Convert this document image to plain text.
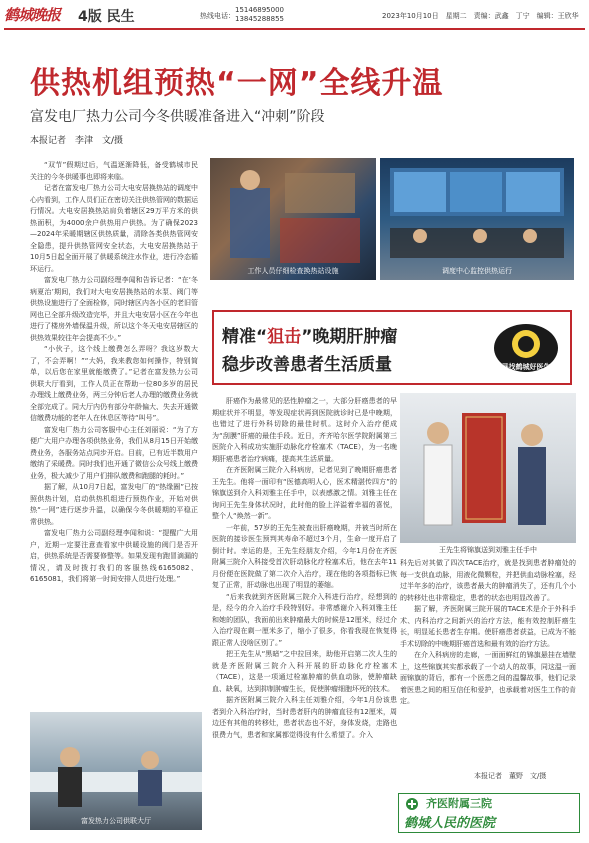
鹤城晚报	4版 民生	热线电话：
15146895000
13845288855	2023年10月10日　星期二　责编：武鑫　丁宁　编辑：王欣华
供热机组预热“一网”全线升温
富发电厂热力公司今冬供暖准备进入“冲刺”阶段
本报记者　李津　文/摄

“双节”假期过后，气温逐渐降低，备受鹤城市民关注的今冬供暖事也即将来临。

记者在富发电厂热力公司大电安居换热站的调度中心内看到，工作人员们正在密切关注供热管网的数据运行情况。大电安居换热站肩负着辖区29万平方米的供热面积，为4000余户供热用户供热。为了确保2023—2024年采暖期辖区供热质量，清除各类供热管网安全隐患，提升供热管网安全状态，大电安居换热站于10月5日起全面开展了供暖系统注水作业，进行冷态循环运行。

富发电厂热力公司副经理李闻和告诉记者：“在‘冬病夏治’期间，我们对大电安居换热站的水泵、阀门等供热设施进行了全面检修，同时辖区内各小区的老旧管网也已全部升级改造完毕，并且大电安居小区在今年也进行了楼房外墙保温升级，所以这个冬天电安居辖区的供热效果较往年会提高不少。”

“小伙子，这个线上缴费怎么弄呀？我这岁数大了，不会弄啊！”“大妈，我来教您如何操作，特别简单，以后您在家里就能缴费了。”记者在富发热力公司供联大厅看到，工作人员正在帮助一位80多岁的居民办理线上缴费业务，两三分钟后老人办理的缴费业务就全部完成了。同大厅内仍有部分年龄偏大、失去开通微信缴费功能的老年人在休息区等待“叫号”。

富发电厂热力公司客服中心主任刘丽说：“为了方便广大用户办理各项供热业务，我们从8月15日开始缴费业务，各服务站点同步开启。目前，已有近半数用户缴纳了采暖费。同时我们也开通了微信公众号线上缴费业务，极大减少了用户们排队缴费和跑腿的耗时。”

据了解，从10月7日起，富发电厂的“热缘圈”已按照供热计划，启动供热机组进行预热作业，开始对供热“一网”进行逐步升温，以确保今冬供暖期的平稳正常供热。

富发电厂热力公司副经理李闻和说：“提醒广大用户，近期一定要注意查看家中供暖设施的阀门是否开启，供热系统是否需要修整等。如果发现有跑冒滴漏的情况，请及时拨打我们的客服热线6165082、6165081，我们将第一时间安排人员进行处理。”

工作人员仔细检查换热站设施	调度中心监控供热运行
富发热力公司供联大厅
精准“狙击”晚期肝肿瘤
稳步改善患者生活质量	寻找鹤城好医生

肝癌作为最常见的恶性肿瘤之一，大部分肝癌患者的早期症状并不明显，等发现症状再到医院就诊时已是中晚期，也错过了进行外科切除的最佳时机。这时介入治疗便成为“刮膜”肝癌的最佳手段。近日，齐齐哈尔医学院附属第三医院介入科成功实施肝动脉化疗栓塞术（TACE），为一名晚期肝癌患者治疗病痛，提高其生活质量。

在齐医附属三院介入科病房，记者见到了晚期肝癌患者王先生。他将一面印有“医德高明人心，医术精湛传四方”的锦旗送到介入科刘雅主任手中，以表感激之情。刘雅主任在询问王先生身体状况时，此时他的脸上洋溢着幸福的喜悦，整个人“焕然一新”。

一年前，57岁的王先生被查出肝癌晚期，并被当时所在医院的接诊医生预判其寿命不超过3个月，生命一度开启了倒计时。幸运的是，王先生经朋友介绍，今年1月份在齐医附属三院介入科接受首次肝动脉化疗栓塞术后，他在去年11月份便在医院做了第二次介入治疗，现在他的各项指标已恢复了正常，肝动脉也出现了明显的萎缩。

“后来我就到齐医附属三院介入科进行治疗，经想到的是，经今的介入治疗手段特别好。非常感谢介入科刘雅主任和她的团队，我面前出来肿瘤最大的时候是12厘米，经过介入治疗现在剩一厘米多了，缩小了很多，你看我现在恢复得跟正常人没啥区别了。”

把王先生从“黑暗”之中拉回来，助他开启第二次人生的就是齐医附属三院介入科开展的肝动脉化疗栓塞术（TACE），这是一项通过栓塞肿瘤的供血动脉，使肿瘤缺血、缺氧，达到抑制肿瘤生长，促使肿瘤细胞坏死的技术。

据齐医附属三院介入科主任刘雅介绍，今年1月份该患者到介入科治疗时，当时患者肝内的肿瘤直径有12厘米，周边还有其他的转移灶，患者状态也不好，身体发烧，走路也很费力气，患者和家属都觉得没有什么希望了。介入

王先生将锦旗送到刘雅主任手中

科先后对其做了四次TACE治疗，就是找到患者肿瘤处的每一支供血动脉，用液化微颗粒，并把供血动脉栓塞，经过半年多的治疗，该患者最大的肿瘤消失了，还有几个小的转移灶也非常稳定，患者的状态也明显改善了。

据了解，齐医附属三院开展的TACE术是介于外科手术、内科治疗之间新兴的治疗方法，能有效控制肝癌生长，明显延长患者生存期。使肝癌患者获益，已成为不能手术切除的中晚期肝癌首选和最有效的治疗方法。

在介入科病房的走廊，一面面鲜红的锦旗悬挂在墙壁上，这些锦旗其实都承载了一个动人的故事，同这温一面面锦旗的背后，都有一个医患之间的温馨故事，他们记录着医患之间的相互信任和爱护，也承载着对医生工作的肯定。

本报记者　董野　文/摄
齐医附属三院
鹤城人民的医院
